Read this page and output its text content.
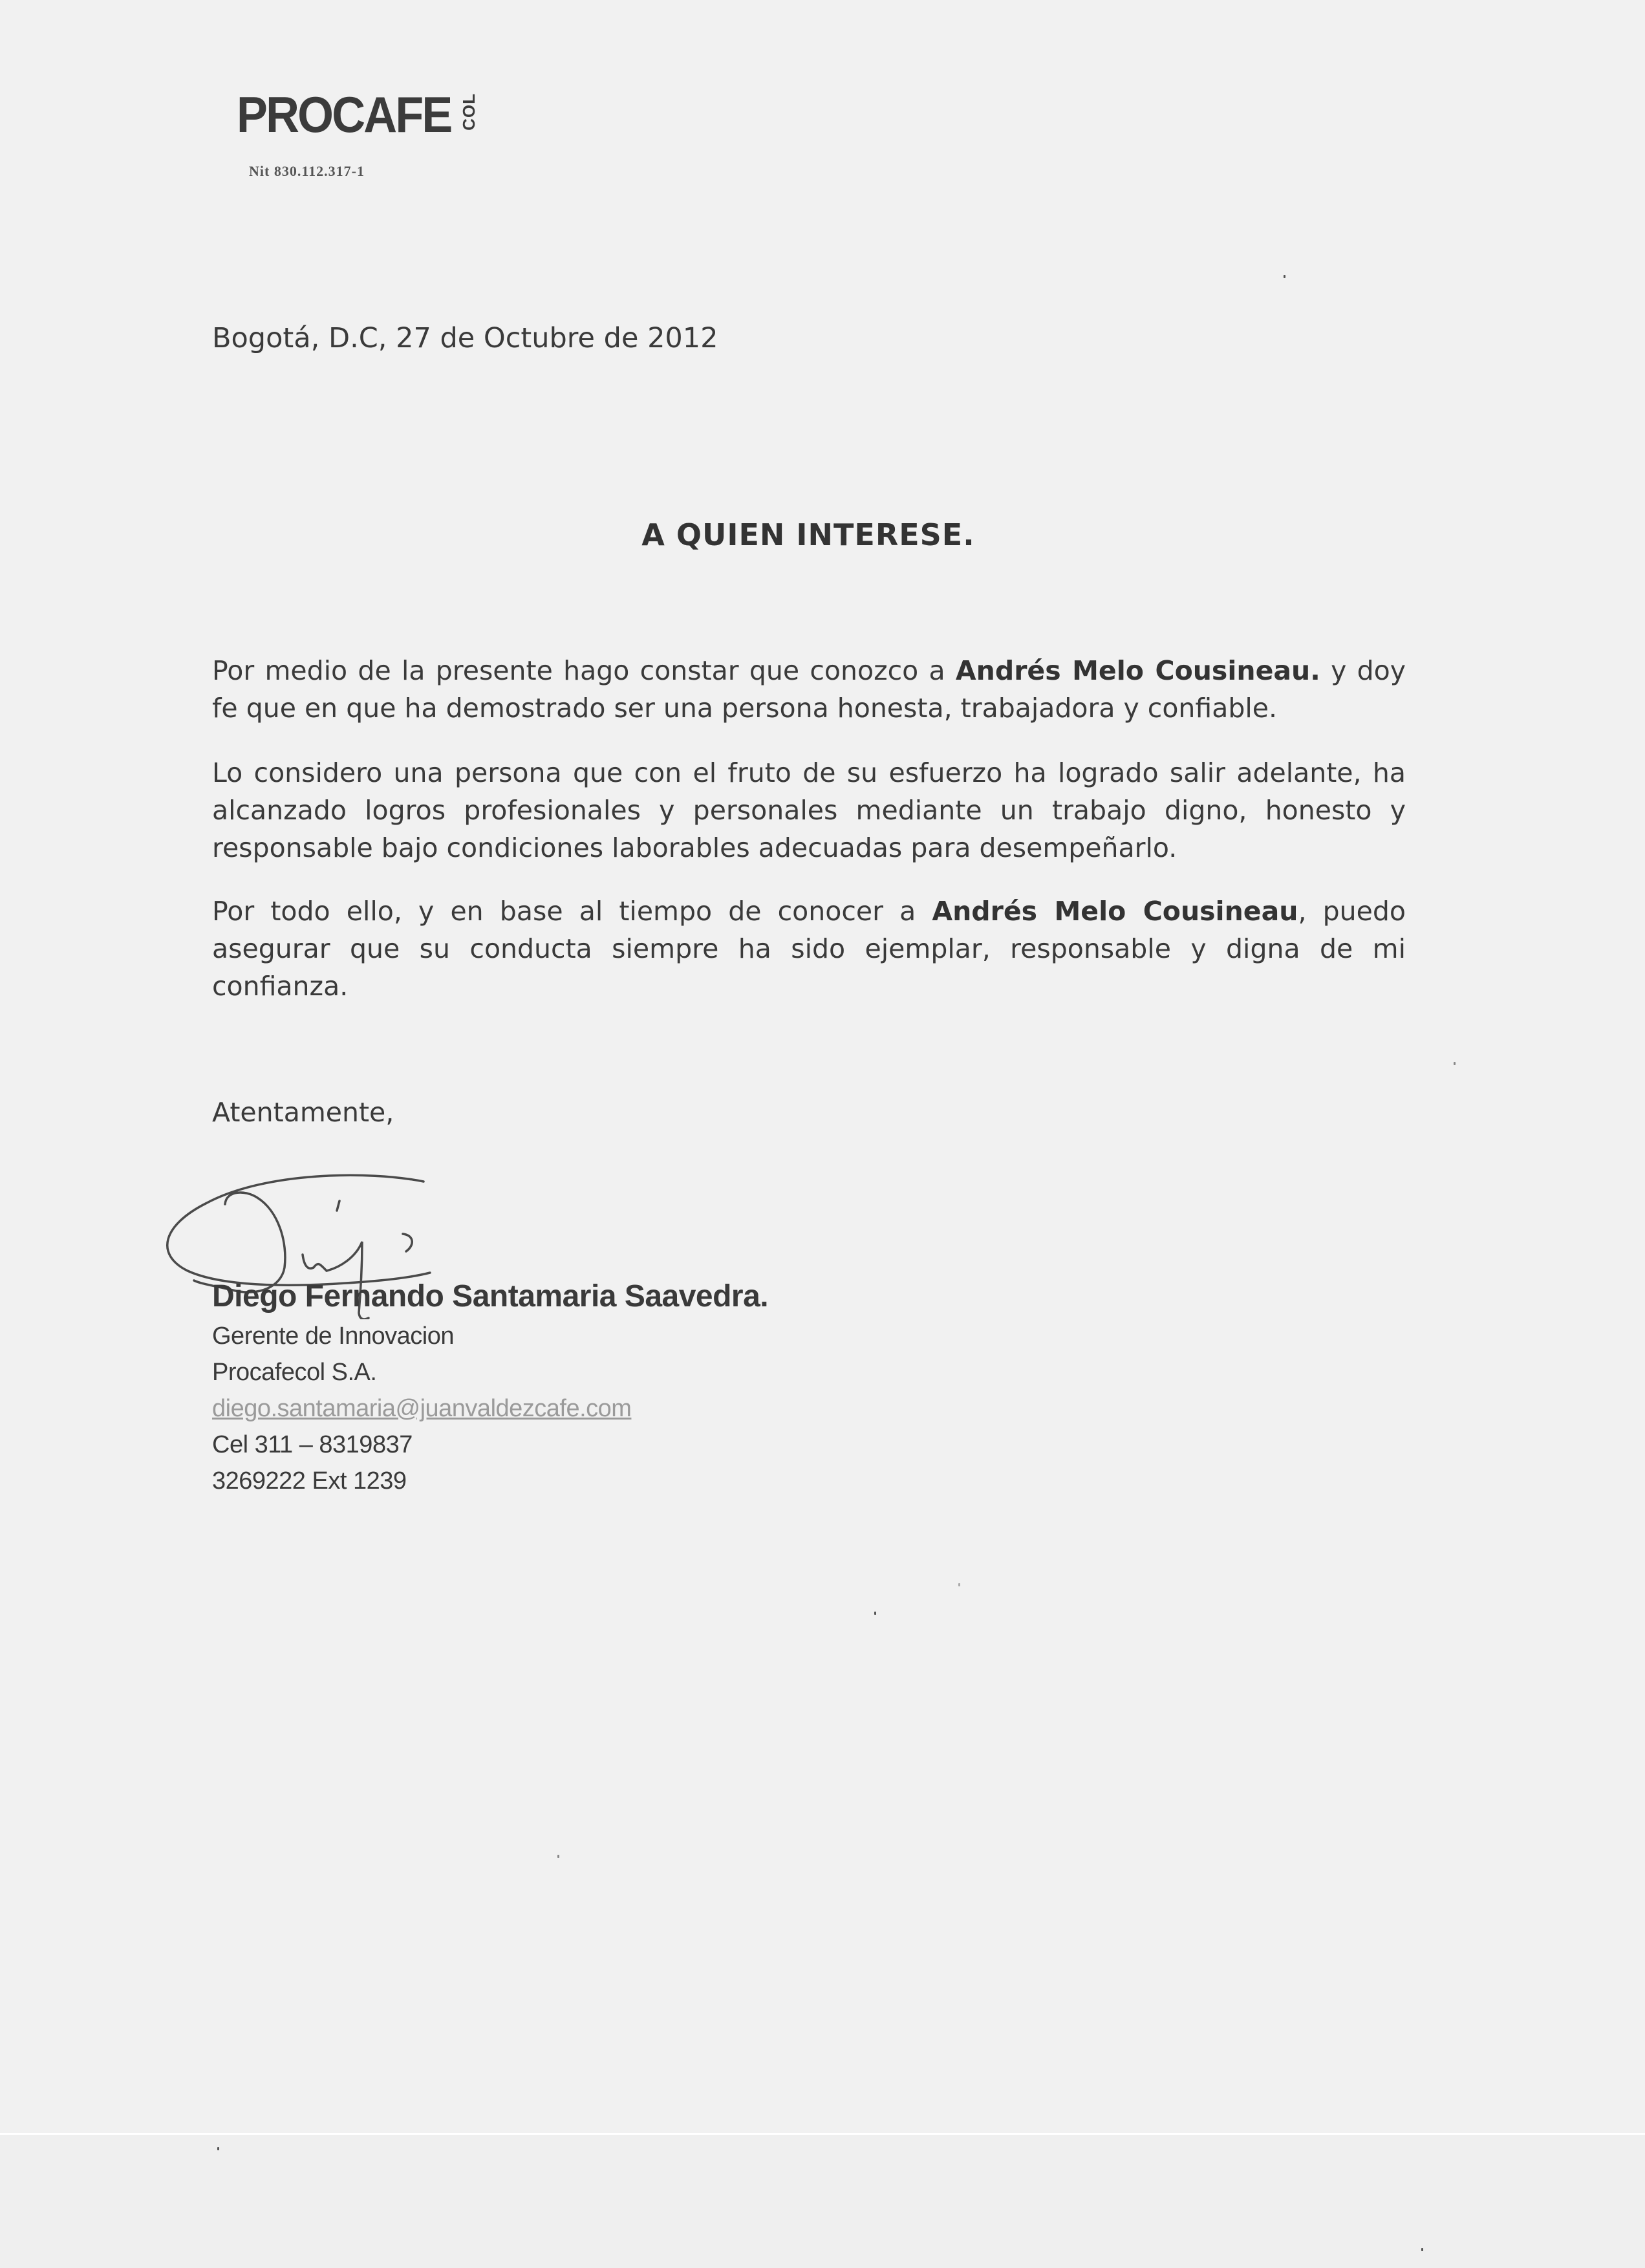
PROCAFE COL
Nit 830.112.317-1
Bogotá, D.C, 27 de Octubre de 2012
A QUIEN INTERESE.
Por medio de la presente hago constar que conozco a Andrés Melo Cousineau. y doy fe que en que ha demostrado ser una persona honesta, trabajadora y confiable.
Lo considero una persona que con el fruto de su esfuerzo ha logrado salir adelante, ha alcanzado logros profesionales y personales mediante un trabajo digno, honesto y responsable bajo condiciones laborables adecuadas para desempeñarlo.
Por todo ello, y en base al tiempo de conocer a Andrés Melo Cousineau, puedo asegurar que su conducta siempre ha sido ejemplar, responsable y digna de mi confianza.
Atentamente,
Diego Fernando Santamaria Saavedra.
Gerente de Innovacion
Procafecol S.A.
diego.santamaria@juanvaldezcafe.com
Cel 311 – 8319837
3269222 Ext 1239
